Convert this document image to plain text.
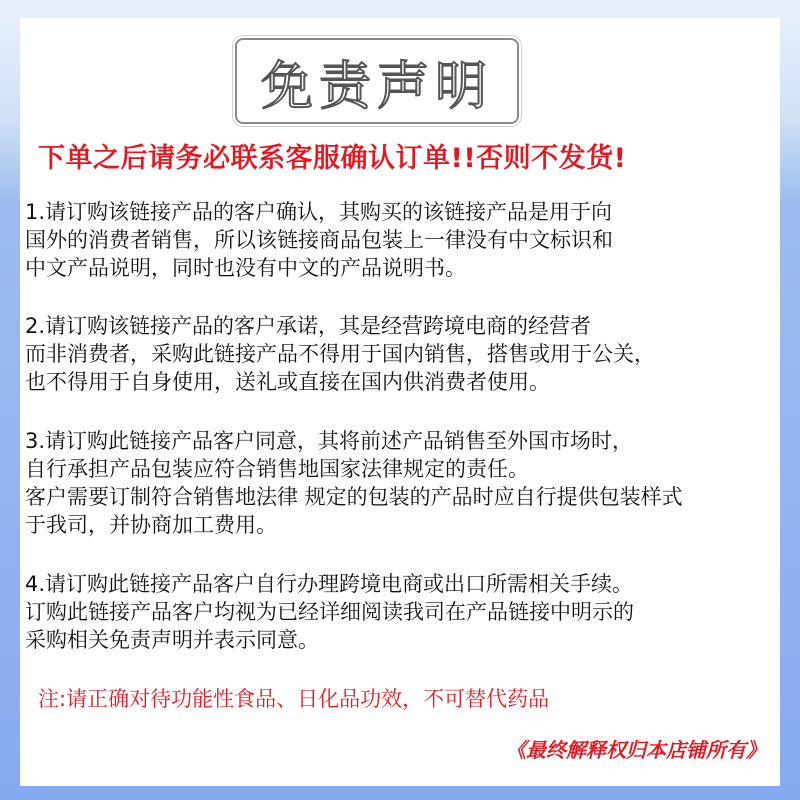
免责声明
下单之后请务必联系客服确认订单!!否则不发货!
1.请订购该链接产品的客户确认，其购买的该链接产品是用于向
国外的消费者销售，所以该链接商品包装上一律没有中文标识和
中文产品说明，同时也没有中文的产品说明书。
2.请订购该链接产品的客户承诺，其是经营跨境电商的经营者
而非消费者，采购此链接产品不得用于国内销售，搭售或用于公关，
也不得用于自身使用，送礼或直接在国内供消费者使用。
3.请订购此链接产品客户同意，其将前述产品销售至外国市场时，
自行承担产品包装应符合销售地国家法律规定的责任。
客户需要订制符合销售地法律 规定的包装的产品时应自行提供包装样式
于我司，并协商加工费用。
4.请订购此链接产品客户自行办理跨境电商或出口所需相关手续。
订购此链接产品客户均视为已经详细阅读我司在产品链接中明示的
采购相关免责声明并表示同意。
注:请正确对待功能性食品、日化品功效，不可替代药品
《最终解释权归本店铺所有》
